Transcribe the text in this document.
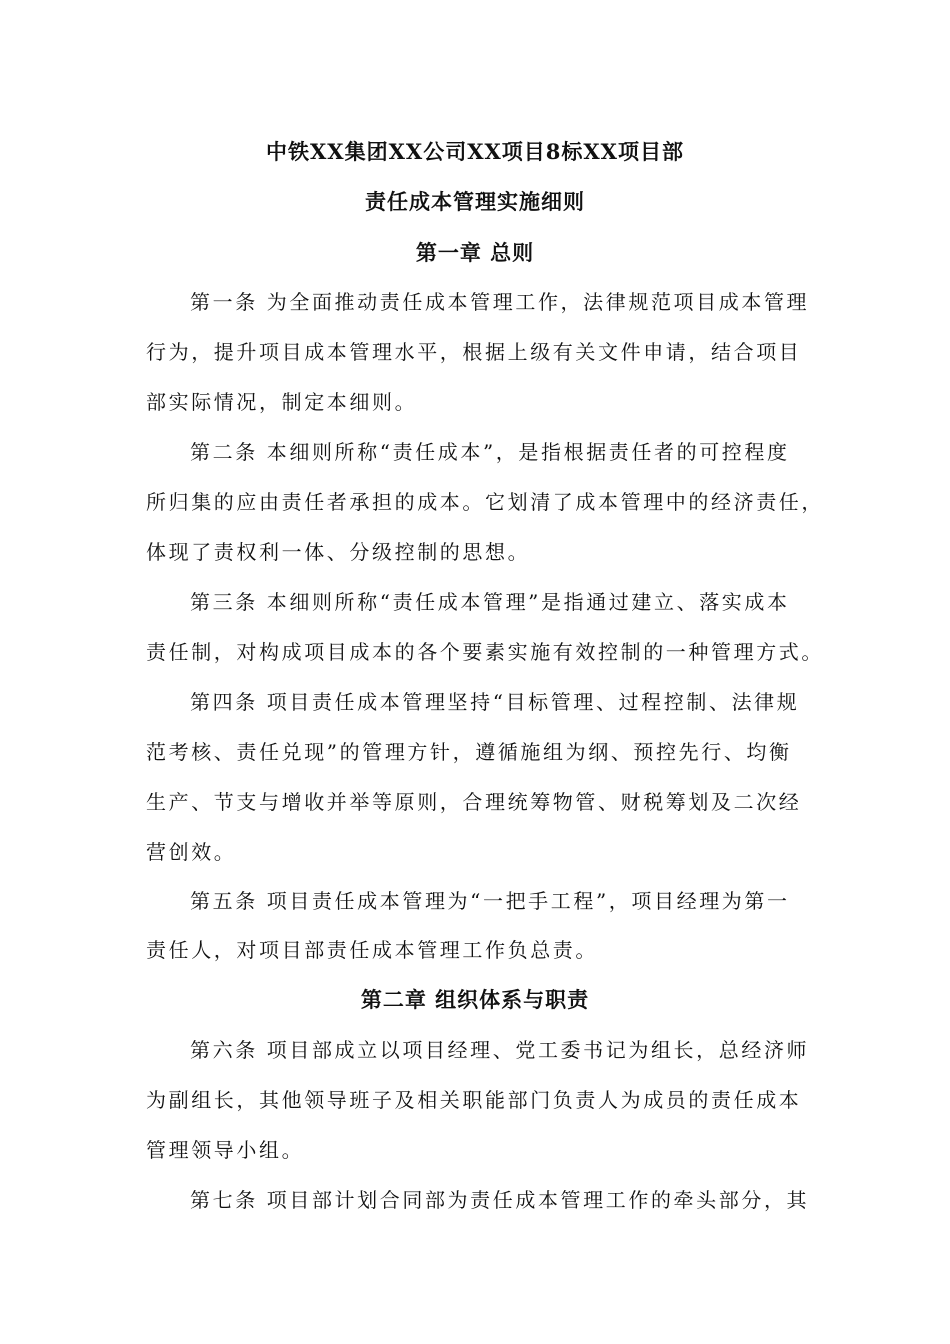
中铁XX集团XX公司XX项目8标XX项目部
责任成本管理实施细则
第一章 总则
第一条 为全面推动责任成本管理工作，法律规范项目成本管理
行为，提升项目成本管理水平，根据上级有关文件申请，结合项目
部实际情况，制定本细则。
第二条 本细则所称“责任成本”，是指根据责任者的可控程度
所归集的应由责任者承担的成本。它划清了成本管理中的经济责任，
体现了责权利一体、分级控制的思想。
第三条 本细则所称“责任成本管理”是指通过建立、落实成本
责任制，对构成项目成本的各个要素实施有效控制的一种管理方式。
第四条 项目责任成本管理坚持“目标管理、过程控制、法律规
范考核、责任兑现”的管理方针，遵循施组为纲、预控先行、均衡
生产、节支与增收并举等原则，合理统筹物管、财税筹划及二次经
营创效。
第五条 项目责任成本管理为“一把手工程”，项目经理为第一
责任人，对项目部责任成本管理工作负总责。
第二章 组织体系与职责
第六条 项目部成立以项目经理、党工委书记为组长，总经济师
为副组长，其他领导班子及相关职能部门负责人为成员的责任成本
管理领导小组。
第七条 项目部计划合同部为责任成本管理工作的牵头部分，其
